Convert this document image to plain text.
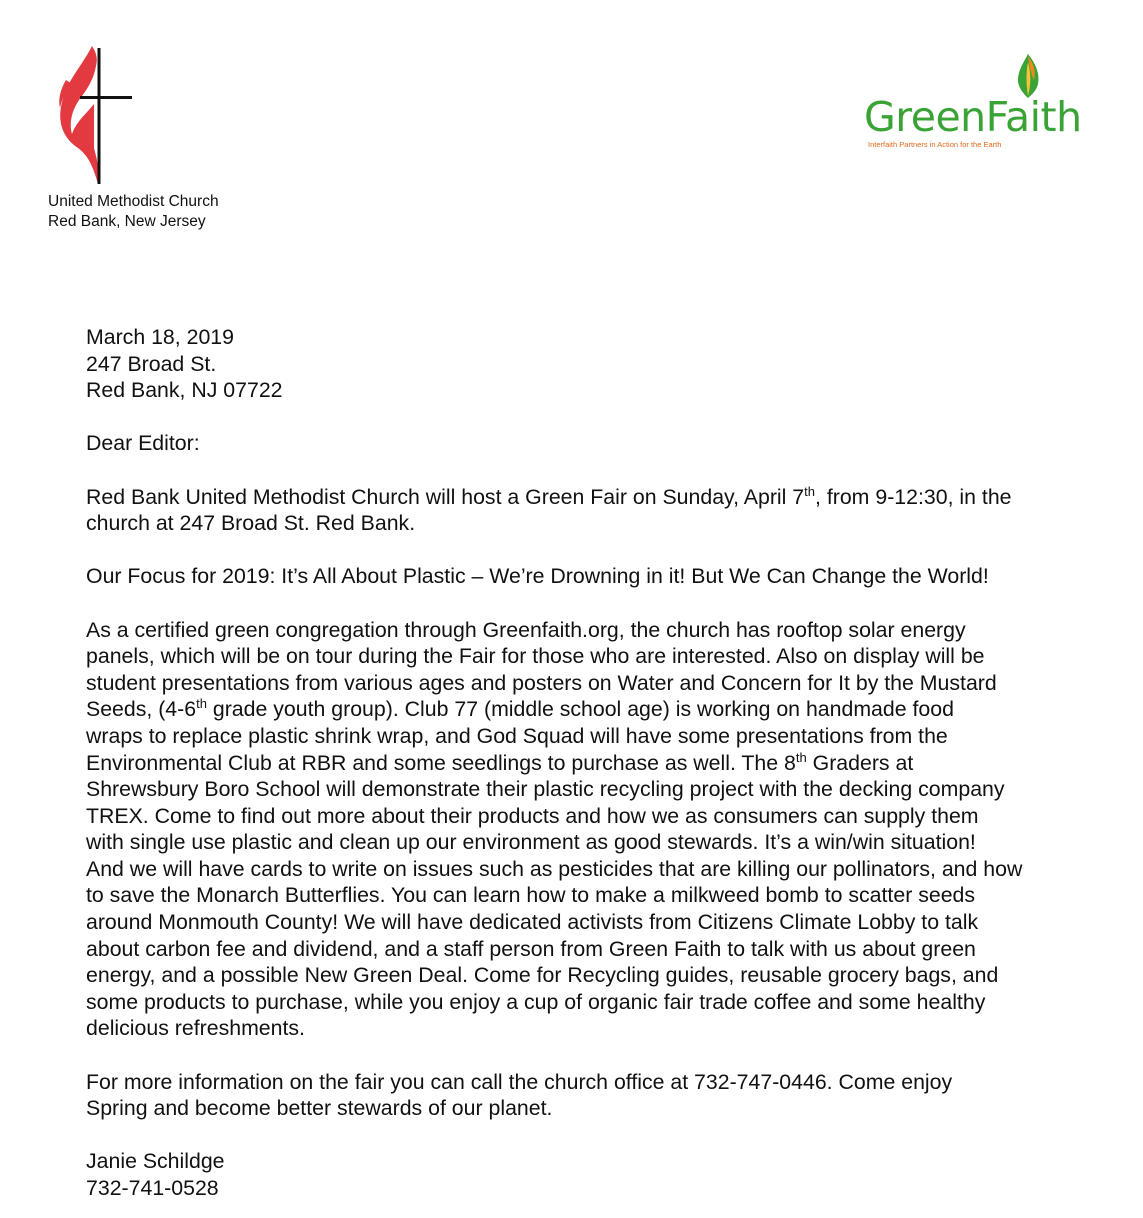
United Methodist Church
Red Bank, New Jersey
GreenFaith
Interfaith Partners in Action for the Earth
March 18, 2019
247 Broad St.
Red Bank, NJ 07722
Dear Editor:
Red Bank United Methodist Church will host a Green Fair on Sunday, April 7th, from 9-12:30, in the
church at 247 Broad St. Red Bank.
Our Focus for 2019: It’s All About Plastic – We’re Drowning in it! But We Can Change the World!
As a certified green congregation through Greenfaith.org, the church has rooftop solar energy
panels, which will be on tour during the Fair for those who are interested. Also on display will be
student presentations from various ages and posters on Water and Concern for It by the Mustard
Seeds, (4-6th grade youth group). Club 77 (middle school age) is working on handmade food
wraps to replace plastic shrink wrap, and God Squad will have some presentations from the
Environmental Club at RBR and some seedlings to purchase as well. The 8th Graders at
Shrewsbury Boro School will demonstrate their plastic recycling project with the decking company
TREX. Come to find out more about their products and how we as consumers can supply them
with single use plastic and clean up our environment as good stewards. It’s a win/win situation!
And we will have cards to write on issues such as pesticides that are killing our pollinators, and how
to save the Monarch Butterflies. You can learn how to make a milkweed bomb to scatter seeds
around Monmouth County! We will have dedicated activists from Citizens Climate Lobby to talk
about carbon fee and dividend, and a staff person from Green Faith to talk with us about green
energy, and a possible New Green Deal. Come for Recycling guides, reusable grocery bags, and
some products to purchase, while you enjoy a cup of organic fair trade coffee and some healthy
delicious refreshments.
For more information on the fair you can call the church office at 732-747-0446. Come enjoy
Spring and become better stewards of our planet.
Janie Schildge
732-741-0528
